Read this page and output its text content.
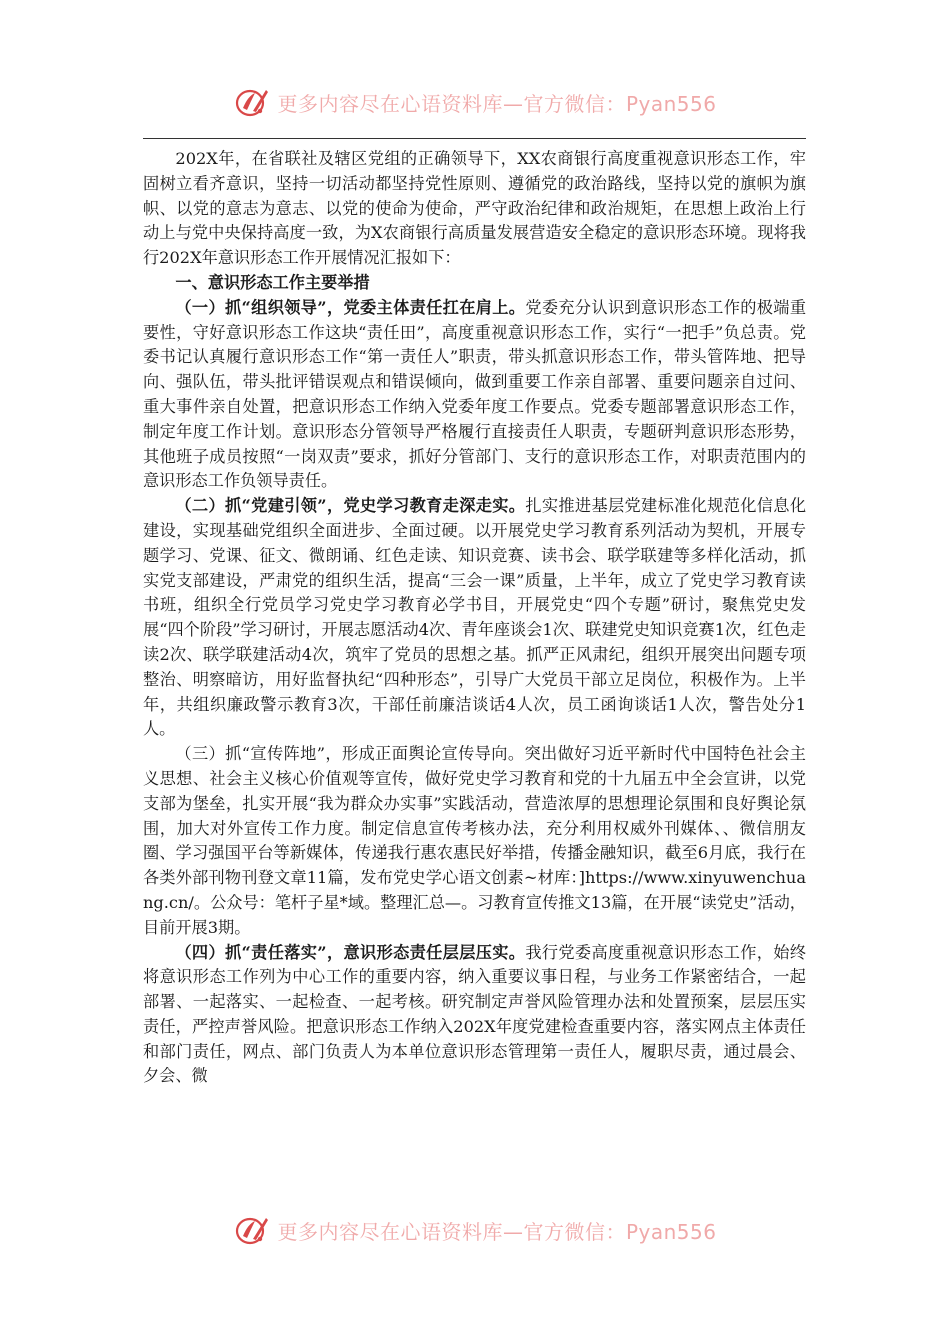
更多内容尽在心语资料库—官方微信：Pyan556

202X年，在省联社及辖区党组的正确领导下，XX农商银行高度重视意识形态工作，牢固树立看齐意识，坚持一切活动都坚持党性原则、遵循党的政治路线，坚持以党的旗帜为旗帜、以党的意志为意志、以党的使命为使命，严守政治纪律和政治规矩，在思想上政治上行动上与党中央保持高度一致，为X农商银行高质量发展营造安全稳定的意识形态环境。现将我行202X年意识形态工作开展情况汇报如下：

一、意识形态工作主要举措

（一）抓“组织领导”，党委主体责任扛在肩上。党委充分认识到意识形态工作的极端重要性，守好意识形态工作这块“责任田”，高度重视意识形态工作，实行“一把手”负总责。党委书记认真履行意识形态工作“第一责任人”职责，带头抓意识形态工作，带头管阵地、把导向、强队伍，带头批评错误观点和错误倾向，做到重要工作亲自部署、重要问题亲自过问、重大事件亲自处置，把意识形态工作纳入党委年度工作要点。党委专题部署意识形态工作，制定年度工作计划。意识形态分管领导严格履行直接责任人职责，专题研判意识形态形势，其他班子成员按照“一岗双责”要求，抓好分管部门、支行的意识形态工作，对职责范围内的意识形态工作负领导责任。

（二）抓“党建引领”，党史学习教育走深走实。扎实推进基层党建标准化规范化信息化建设，实现基础党组织全面进步、全面过硬。以开展党史学习教育系列活动为契机，开展专题学习、党课、征文、微朗诵、红色走读、知识竞赛、读书会、联学联建等多样化活动，抓实党支部建设，严肃党的组织生活，提高“三会一课”质量，上半年，成立了党史学习教育读书班，组织全行党员学习党史学习教育必学书目，开展党史“四个专题”研讨，聚焦党史发展“四个阶段”学习研讨，开展志愿活动4次、青年座谈会1次、联建党史知识竞赛1次，红色走读2次、联学联建活动4次，筑牢了党员的思想之基。抓严正风肃纪，组织开展突出问题专项整治、明察暗访，用好监督执纪“四种形态”，引导广大党员干部立足岗位，积极作为。上半年，共组织廉政警示教育3次，干部任前廉洁谈话4人次，员工函询谈话1人次，警告处分1人。

（三）抓“宣传阵地”，形成正面舆论宣传导向。突出做好习近平新时代中国特色社会主义思想、社会主义核心价值观等宣传，做好党史学习教育和党的十九届五中全会宣讲，以党支部为堡垒，扎实开展“我为群众办实事”实践活动，营造浓厚的思想理论氛围和良好舆论氛围，加大对外宣传工作力度。制定信息宣传考核办法，充分利用权威外刊媒体、、微信朋友圈、学习强国平台等新媒体，传递我行惠农惠民好举措，传播金融知识，截至6月底，我行在各类外部刊物刊登文章11篇，发布党史学心语文创素~材库：]https://www.xinyuwenchuang.cn/。公众号：笔杆子星*域。整理汇总—。习教育宣传推文13篇，在开展“读党史”活动，目前开展3期。

（四）抓“责任落实”，意识形态责任层层压实。我行党委高度重视意识形态工作，始终将意识形态工作列为中心工作的重要内容，纳入重要议事日程，与业务工作紧密结合，一起部署、一起落实、一起检查、一起考核。研究制定声誉风险管理办法和处置预案，层层压实责任，严控声誉风险。把意识形态工作纳入202X年度党建检查重要内容，落实网点主体责任和部门责任，网点、部门负责人为本单位意识形态管理第一责任人，履职尽责，通过晨会、夕会、微

更多内容尽在心语资料库—官方微信：Pyan556
